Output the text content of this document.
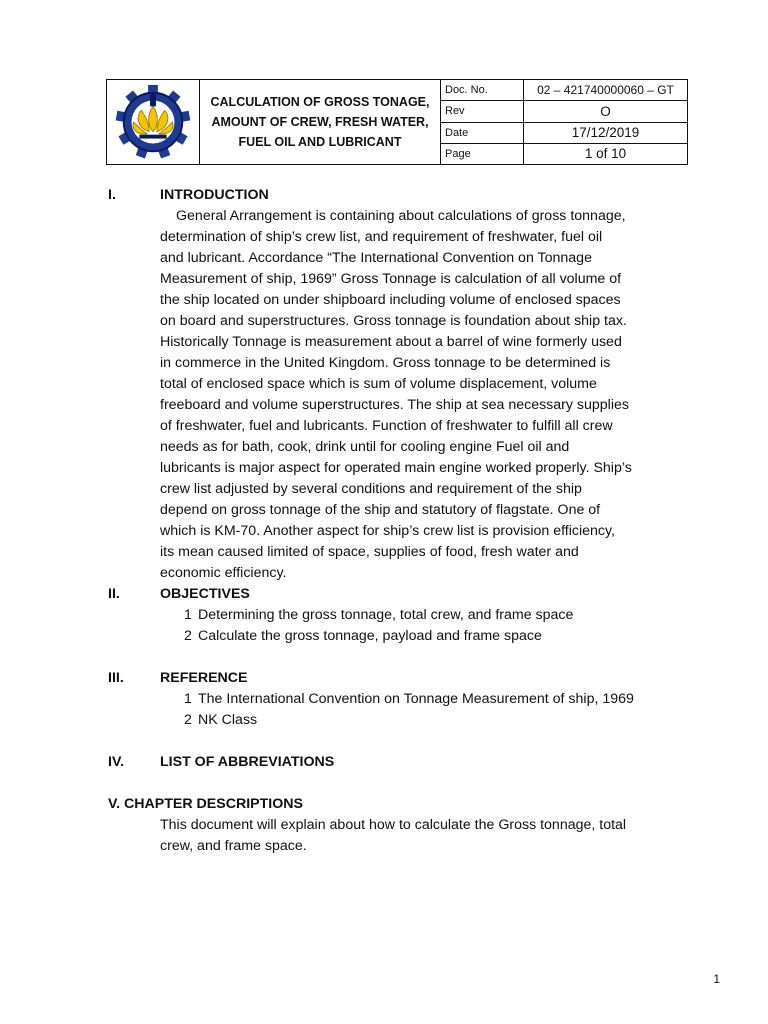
CALCULATION OF GROSS TONAGE,
AMOUNT OF CREW, FRESH WATER,
FUEL OIL AND LUBRICANT	Doc. No.	02 – 421740000060 – GT
		Rev	O
		Date	17/12/2019
		Page	1 of 10
I.	INTRODUCTION
General Arrangement is containing about calculations of gross tonnage,
determination of ship’s crew list, and requirement of freshwater, fuel oil
and lubricant. Accordance “The International Convention on Tonnage
Measurement of ship, 1969” Gross Tonnage is calculation of all volume of
the ship located on under shipboard including volume of enclosed spaces
on board and superstructures. Gross tonnage is foundation about ship tax.
Historically Tonnage is measurement about a barrel of wine formerly used
in commerce in the United Kingdom. Gross tonnage to be determined is
total of enclosed space which is sum of volume displacement, volume
freeboard and volume superstructures. The ship at sea necessary supplies
of freshwater, fuel and lubricants. Function of freshwater to fulfill all crew
needs as for bath, cook, drink until for cooling engine Fuel oil and
lubricants is major aspect for operated main engine worked properly. Ship’s
crew list adjusted by several conditions and requirement of the ship
depend on gross tonnage of the ship and statutory of flagstate. One of
which is KM-70. Another aspect for ship’s crew list is provision efficiency,
its mean caused limited of space, supplies of food, fresh water and
economic efficiency.
II.	OBJECTIVES
1 Determining the gross tonnage, total crew, and frame space
2 Calculate the gross tonnage, payload and frame space
III.	REFERENCE
1 The International Convention on Tonnage Measurement of ship, 1969
2 NK Class
IV.	LIST OF ABBREVIATIONS
V. CHAPTER DESCRIPTIONS
This document will explain about how to calculate the Gross tonnage, total
crew, and frame space.
1
